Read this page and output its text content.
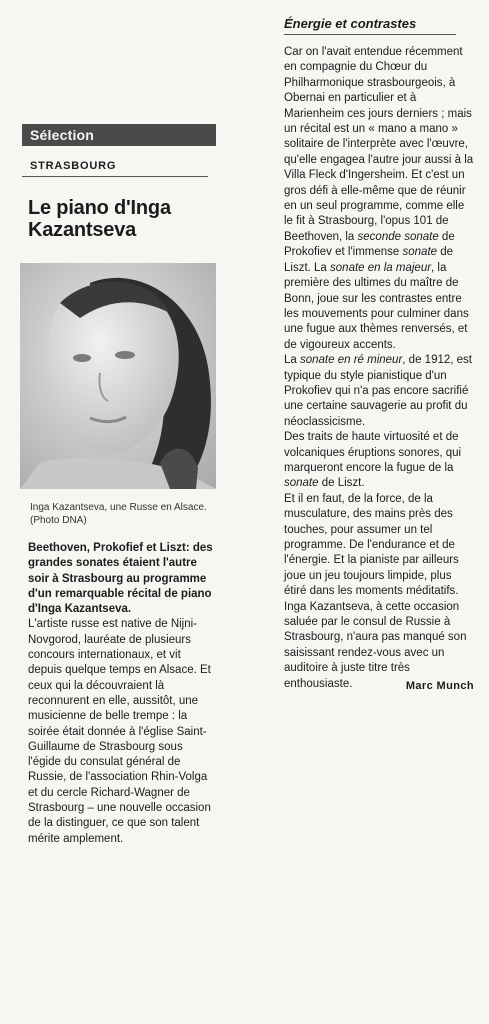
Sélection
STRASBOURG
Le piano d'Inga Kazantseva
Inga Kazantseva, une Russe en Alsace. (Photo DNA)
Beethoven, Prokofief et Liszt: des grandes sonates étaient l'autre soir à Strasbourg au programme d'un remarquable récital de piano d'Inga Kazantseva.
L'artiste russe est native de Nijni-Novgorod, lauréate de plusieurs concours internationaux, et vit depuis quelque temps en Alsace. Et ceux qui la découvraient là reconnurent en elle, aussitôt, une musicienne de belle trempe : la soirée était donnée à l'église Saint-Guillaume de Strasbourg sous l'égide du consulat général de Russie, de l'association Rhin-Volga et du cercle Richard-Wagner de Strasbourg – une nouvelle occasion de la distinguer, ce que son talent mérite amplement.
Énergie et contrastes

Car on l'avait entendue récemment en compagnie du Chœur du Philharmonique strasbourgeois, à Obernai en particulier et à Marienheim ces jours derniers ; mais un récital est un « mano a mano » solitaire de l'interprète avec l'œuvre, qu'elle engagea l'autre jour aussi à la Villa Fleck d'Ingersheim. Et c'est un gros défi à elle-même que de réunir en un seul programme, comme elle le fit à Strasbourg, l'opus 101 de Beethoven, la seconde sonate de Prokofiev et l'immense sonate de Liszt. La sonate en la majeur, la première des ultimes du maître de Bonn, joue sur les contrastes entre les mouvements pour culminer dans une fugue aux thèmes renversés, et de vigoureux accents.

La sonate en ré mineur, de 1912, est typique du style pianistique d'un Prokofiev qui n'a pas encore sacrifié une certaine sauvagerie au profit du néoclassicisme.

Des traits de haute virtuosité et de volcaniques éruptions sonores, qui marqueront encore la fugue de la sonate de Liszt.

Et il en faut, de la force, de la musculature, des mains près des touches, pour assumer un tel programme. De l'endurance et de l'énergie. Et la pianiste par ailleurs joue un jeu toujours limpide, plus étiré dans les moments méditatifs.

Inga Kazantseva, à cette occasion saluée par le consul de Russie à Strasbourg, n'aura pas manqué son saisissant rendez-vous avec un auditoire à juste titre très enthousiaste.	Marc Munch
